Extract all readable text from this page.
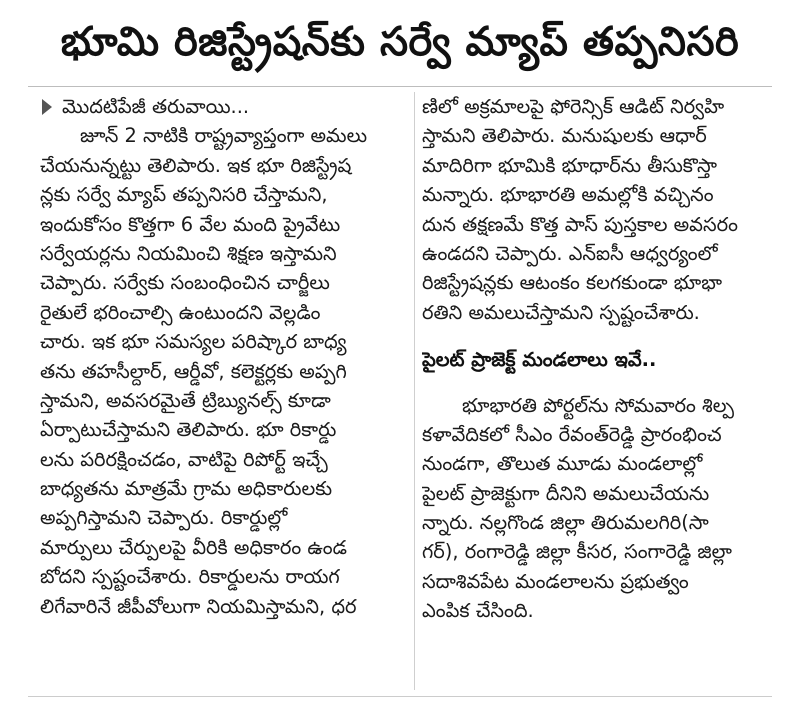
భూమి రిజిస్ట్రేషన్‌కు సర్వే మ్యాప్ తప్పనిసరి
మొదటిపేజీ తరువాయి...
జూన్ 2 నాటికి రాష్ట్రవ్యాప్తంగా అమలు
చేయనున్నట్టు తెలిపారు. ఇక భూ రిజిస్ట్రేష
న్లకు సర్వే మ్యాప్ తప్పనిసరి చేస్తామని,
ఇందుకోసం కొత్తగా 6 వేల మంది ప్రైవేటు
సర్వేయర్లను నియమించి శిక్షణ ఇస్తామని
చెప్పారు. సర్వేకు సంబంధించిన చార్జీలు
రైతులే భరించాల్సి ఉంటుందని వెల్లడిం
చారు. ఇక భూ సమస్యల పరిష్కార బాధ్య
తను తహసీల్దార్, ఆర్డీవో, కలెక్టర్లకు అప్పగి
స్తామని, అవసరమైతే ట్రిబ్యునల్స్ కూడా
ఏర్పాటుచేస్తామని తెలిపారు. భూ రికార్డు
లను పరిరక్షించడం, వాటిపై రిపోర్ట్ ఇచ్చే
బాధ్యతను మాత్రమే గ్రామ అధికారులకు
అప్పగిస్తామని చెప్పారు. రికార్డుల్లో
మార్పులు చేర్పులపై వీరికి అధికారం ఉండ
బోదని స్పష్టంచేశారు. రికార్డులను రాయగ
లిగేవారినే జీపీవోలుగా నియమిస్తామని, ధర
ణిలో అక్రమాలపై ఫోరెన్సిక్ ఆడిట్ నిర్వహి
స్తామని తెలిపారు. మనుషులకు ఆధార్
మాదిరిగా భూమికి భూధార్‌ను తీసుకొస్తా
మన్నారు. భూభారతి అమల్లోకి వచ్చినం
దున తక్షణమే కొత్త పాస్ పుస్తకాల అవసరం
ఉండదని చెప్పారు. ఎన్ఐసీ ఆధ్వర్యంలో
రిజిస్ట్రేషన్లకు ఆటంకం కలగకుండా భూభా
రతిని అమలుచేస్తామని స్పష్టంచేశారు.
పైలట్ ప్రాజెక్ట్ మండలాలు ఇవే..
భూభారతి పోర్టల్‌ను సోమవారం శిల్ప
కళావేదికలో సీఎం రేవంత్‌రెడ్డి ప్రారంభించ
నుండగా, తొలుత మూడు మండలాల్లో
పైలట్ ప్రాజెక్టుగా దీనిని అమలుచేయను
న్నారు. నల్లగొండ జిల్లా తిరుమలగిరి(సా
గర్), రంగారెడ్డి జిల్లా కీసర, సంగారెడ్డి జిల్లా
సదాశివపేట మండలాలను ప్రభుత్వం
ఎంపిక చేసింది.
